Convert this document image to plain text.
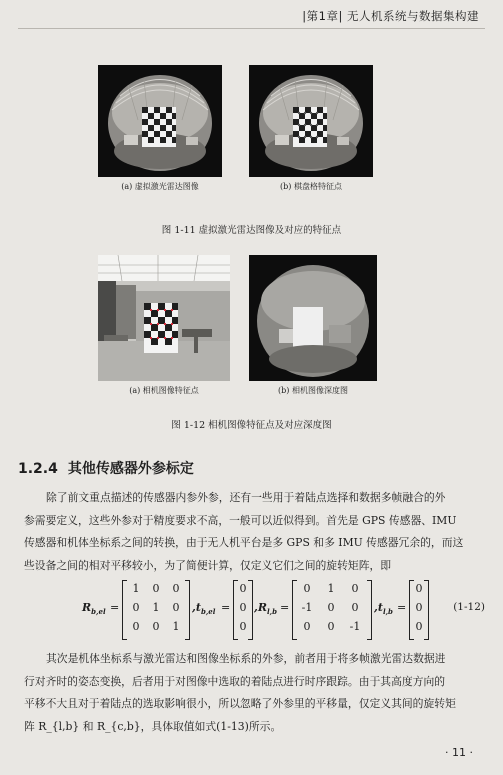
|第1章| 无人机系统与数据集构建
(a) 虚拟激光雷达图像	(b) 棋盘格特征点
图 1-11 虚拟激光雷达图像及对应的特征点
(a) 相机图像特征点	(b) 相机图像深度图
图 1-12 相机图像特征点及对应深度图
1.2.4 其他传感器外参标定
除了前文重点描述的传感器内参外参，还有一些用于着陆点选择和数据多帧融合的外
参需要定义，这些外参对于精度要求不高，一般可以近似得到。首先是 GPS 传感器、IMU
传感器和机体坐标系之间的转换，由于无人机平台是多 GPS 和多 IMU 传感器冗余的，而这
些设备之间的相对平移较小，为了简便计算，仅定义它们之间的旋转矩阵，即
$R_{b,el}$ =
1	0	0
0	1	0
0	0	1
$,t_{b,el}$ =
0
0
0
$,R_{l,b}$ =
0	1	0
-1	0	0
0	0	-1
$,t_{l,b}$ =
0
0
0
(1-12)
其次是机体坐标系与激光雷达和图像坐标系的外参，前者用于将多帧激光雷达数据进
行对齐时的姿态变换，后者用于对图像中选取的着陆点进行时序跟踪。由于其高度方向的
平移不大且对于着陆点的选取影响很小，所以忽略了外参里的平移量，仅定义其间的旋转矩
阵 R_{l,b} 和 R_{c,b}，具体取值如式(1-13)所示。
· 11 ·
